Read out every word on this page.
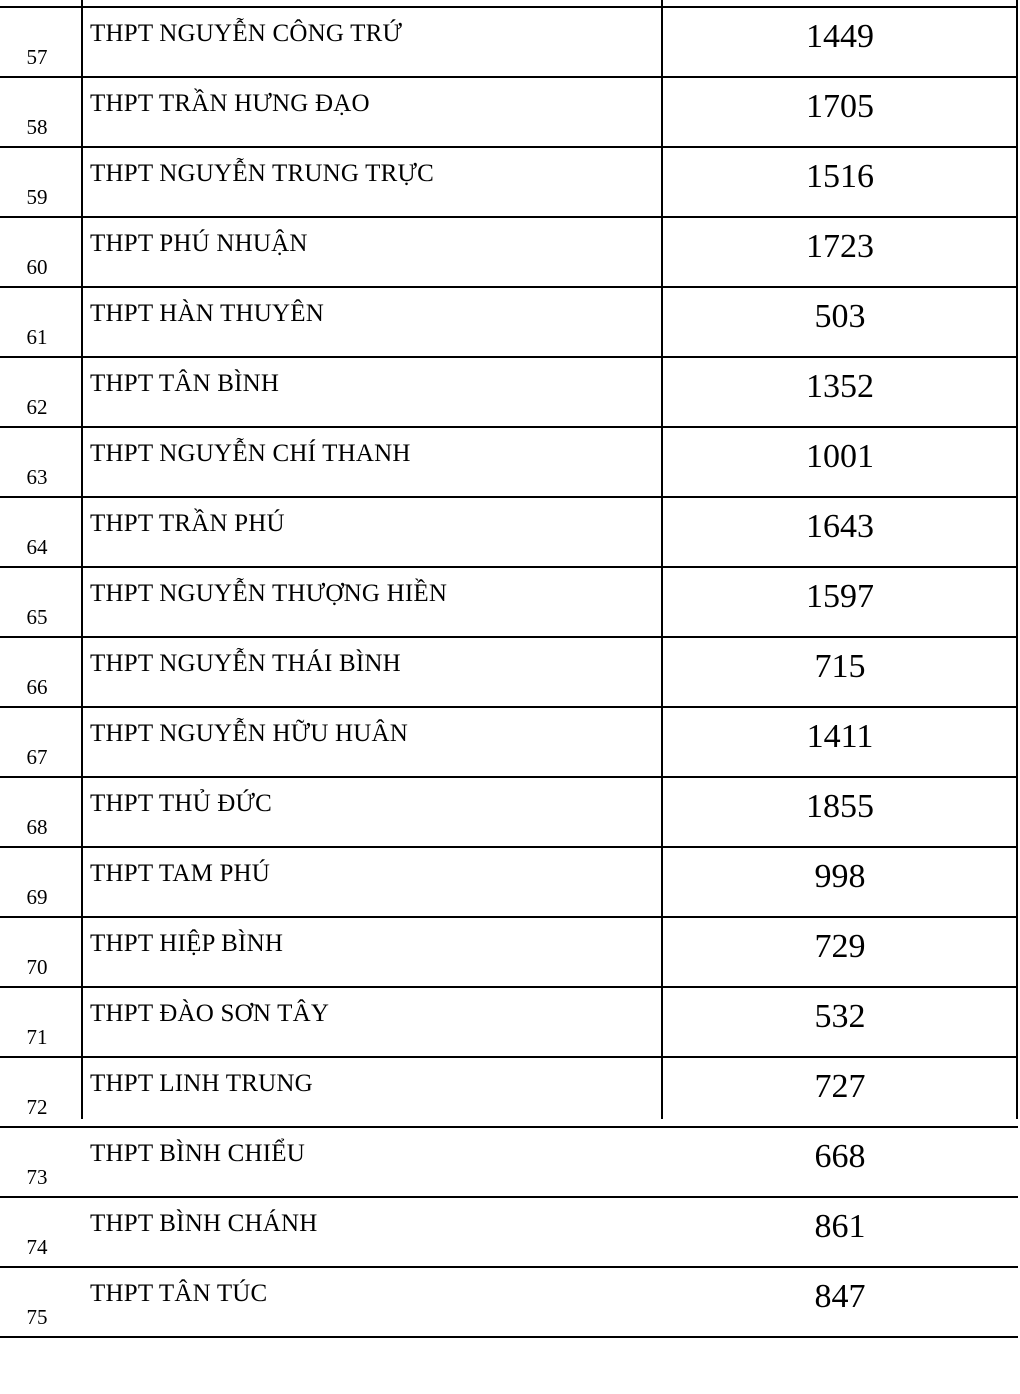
57	THPT NGUYỄN CÔNG TRỨ	1449
58	THPT TRẦN HƯNG ĐẠO	1705
59	THPT NGUYỄN TRUNG TRỰC	1516
60	THPT PHÚ NHUẬN	1723
61	THPT HÀN THUYÊN	503
62	THPT TÂN BÌNH	1352
63	THPT NGUYỄN CHÍ THANH	1001
64	THPT TRẦN PHÚ	1643
65	THPT NGUYỄN THƯỢNG HIỀN	1597
66	THPT NGUYỄN THÁI BÌNH	715
67	THPT NGUYỄN HỮU HUÂN	1411
68	THPT THỦ ĐỨC	1855
69	THPT TAM PHÚ	998
70	THPT HIỆP BÌNH	729
71	THPT ĐÀO SƠN TÂY	532
72	THPT LINH TRUNG	727
73	THPT BÌNH CHIỂU	668
74	THPT BÌNH CHÁNH	861
75	THPT TÂN TÚC	847
